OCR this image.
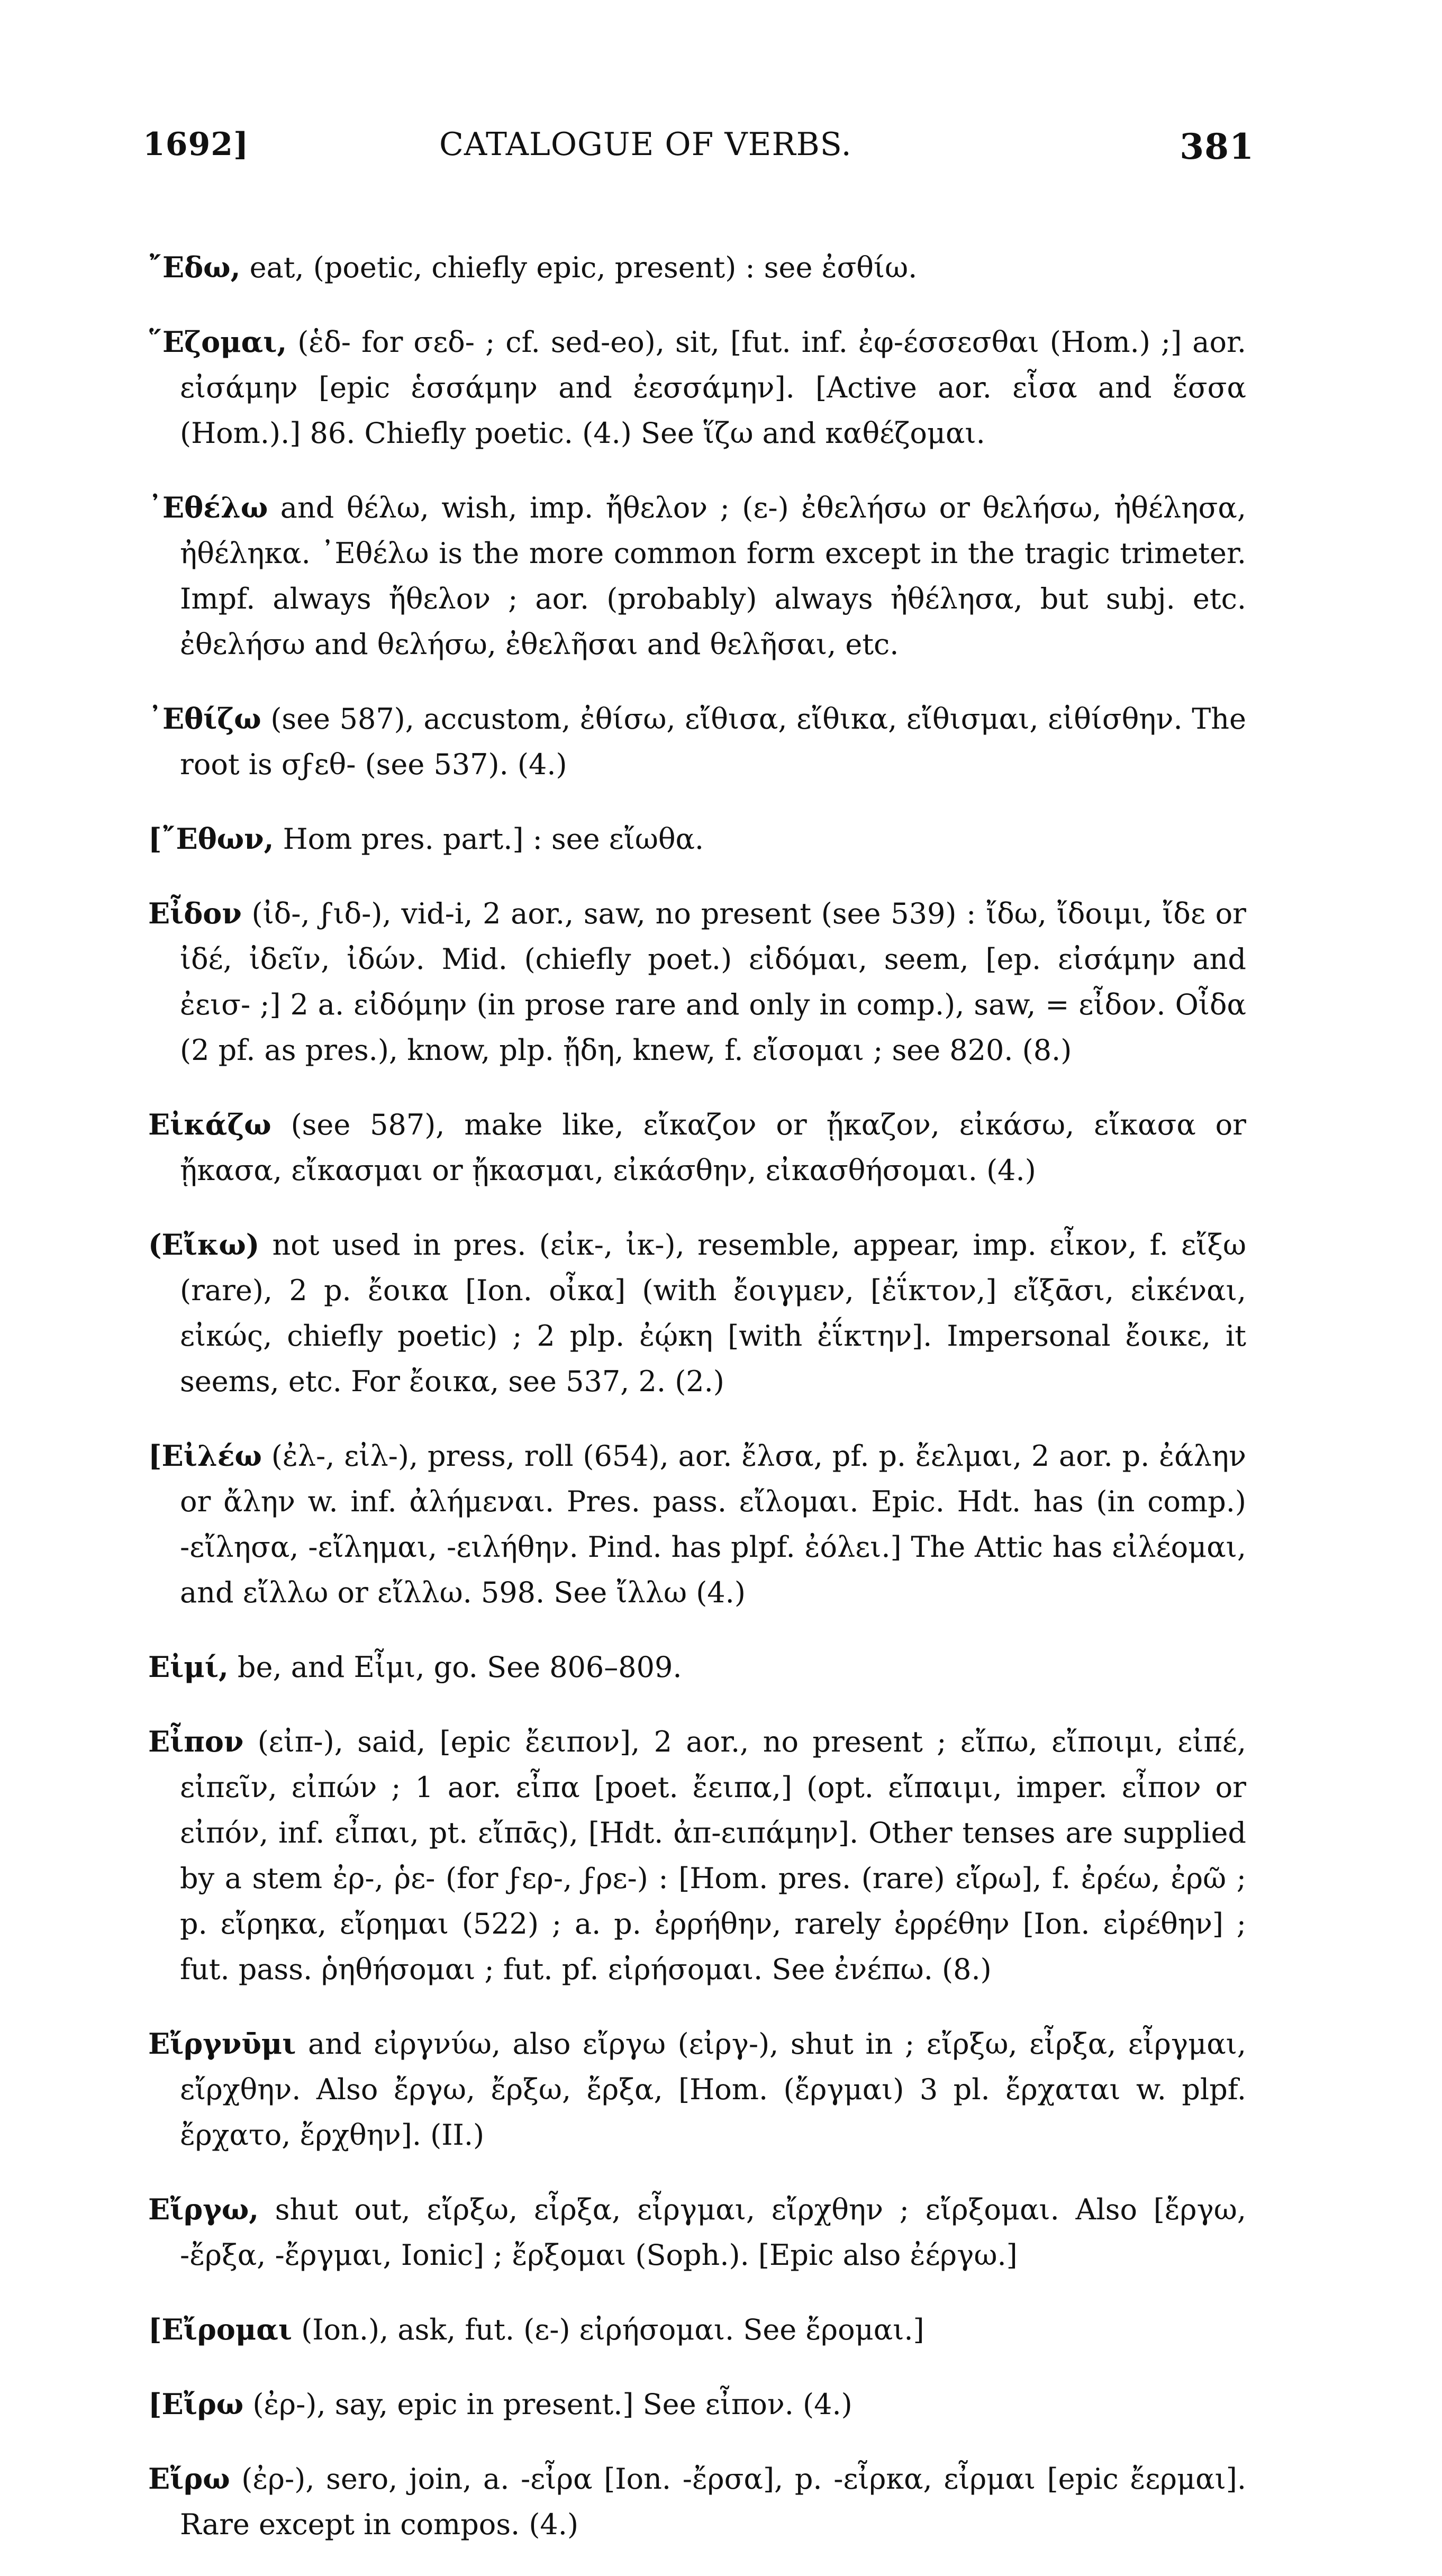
1692]	CATALOGUE OF VERBS.	381

῎Εδω, eat, (poetic, chiefly epic, present) : see ἐσθίω.

῞Εζομαι, (ἑδ- for σεδ- ; cf. sed-eo), sit, [fut. inf. ἐφ-έσσεσθαι (Hom.) ;] aor. εἰσάμην [epic ἑσσάμην and ἐεσσάμην]. [Active aor. εἷσα and ἕσσα (Hom.).] 86. Chiefly poetic. (4.) See ἵζω and καθέζομαι.

᾽Εθέλω and θέλω, wish, imp. ἤθελον ; (ε-) ἐθελήσω or θελήσω, ἠθέλησα, ἠθέληκα. ᾽Εθέλω is the more common form except in the tragic trimeter. Impf. always ἤθελον ; aor. (probably) always ἠθέλησα, but subj. etc. ἐθελήσω and θελήσω, ἐθελῆσαι and θελῆσαι, etc.

᾽Εθίζω (see 587), accustom, ἐθίσω, εἴθισα, εἴθικα, εἴθισμαι, εἰθίσθην. The root is σϝεθ- (see 537). (4.)

[῎Εθων, Hom pres. part.] : see εἴωθα.

Εἶδον (ἰδ-, ϝιδ-), vid-i, 2 aor., saw, no present (see 539) : ἴδω, ἴδοιμι, ἴδε or ἰδέ, ἰδεῖν, ἰδών. Mid. (chiefly poet.) εἰδόμαι, seem, [ep. εἰσάμην and ἐεισ- ;] 2 a. εἰδόμην (in prose rare and only in comp.), saw, = εἶδον. Οἶδα (2 pf. as pres.), know, plp. ᾔδη, knew, f. εἴσομαι ; see 820. (8.)

Εἰκάζω (see 587), make like, εἴκαζον or ᾔκαζον, εἰκάσω, εἴκασα or ᾔκασα, εἴκασμαι or ᾔκασμαι, εἰκάσθην, εἰκασθήσομαι. (4.)

(Εἴκω) not used in pres. (εἰκ-, ἰκ-), resemble, appear, imp. εἶκον, f. εἴξω (rare), 2 p. ἔοικα [Ion. οἶκα] (with ἔοιγμεν, [ἐΐκτον,] εἴξᾱσι, εἰκέναι, εἰκώς, chiefly poetic) ; 2 plp. ἐῴκη [with ἐΐκτην]. Impersonal ἔοικε, it seems, etc. For ἔοικα, see 537, 2. (2.)

[Εἰλέω (ἐλ-, εἰλ-), press, roll (654), aor. ἔλσα, pf. p. ἔελμαι, 2 aor. p. ἐάλην or ἄλην w. inf. ἀλήμεναι. Pres. pass. εἴλομαι. Epic. Hdt. has (in comp.) -εἴλησα, -εἴλημαι, -ειλήθην. Pind. has plpf. ἐόλει.] The Attic has εἰλέομαι, and εἴλλω or εἴλλω. 598. See ἴλλω (4.)

Εἰμί, be, and Εἶμι, go. See 806–809.

Εἶπον (εἰπ-), said, [epic ἔειπον], 2 aor., no present ; εἴπω, εἴποιμι, εἰπέ, εἰπεῖν, εἰπών ; 1 aor. εἶπα [poet. ἔειπα,] (opt. εἴπαιμι, imper. εἶπον or εἰπόν, inf. εἶπαι, pt. εἴπᾱς), [Hdt. ἀπ-ειπάμην]. Other tenses are supplied by a stem ἐρ-, ῥε- (for ϝερ-, ϝρε-) : [Hom. pres. (rare) εἴρω], f. ἐρέω, ἐρῶ ; p. εἴρηκα, εἴρημαι (522) ; a. p. ἐρρήθην, rarely ἐρρέθην [Ion. εἰρέθην] ; fut. pass. ῥηθήσομαι ; fut. pf. εἰρήσομαι. See ἐνέπω. (8.)

Εἴργνῡμι and εἰργνύω, also εἴργω (εἰργ-), shut in ; εἴρξω, εἶρξα, εἶργμαι, εἴρχθην. Also ἔργω, ἔρξω, ἔρξα, [Hom. (ἔργμαι) 3 pl. ἔρχαται w. plpf. ἔρχατο, ἔρχθην]. (II.)

Εἴργω, shut out, εἴρξω, εἶρξα, εἶργμαι, εἴρχθην ; εἴρξομαι. Also [ἔργω, -ἔρξα, -ἔργμαι, Ionic] ; ἔρξομαι (Soph.). [Epic also ἐέργω.]

[Εἴρομαι (Ion.), ask, fut. (ε-) εἰρήσομαι. See ἔρομαι.]

[Εἴρω (ἐρ-), say, epic in present.] See εἶπον. (4.)

Εἴρω (ἐρ-), sero, join, a. -εἶρα [Ion. -ἔρσα], p. -εἶρκα, εἶρμαι [epic ἔερμαι]. Rare except in compos. (4.)
